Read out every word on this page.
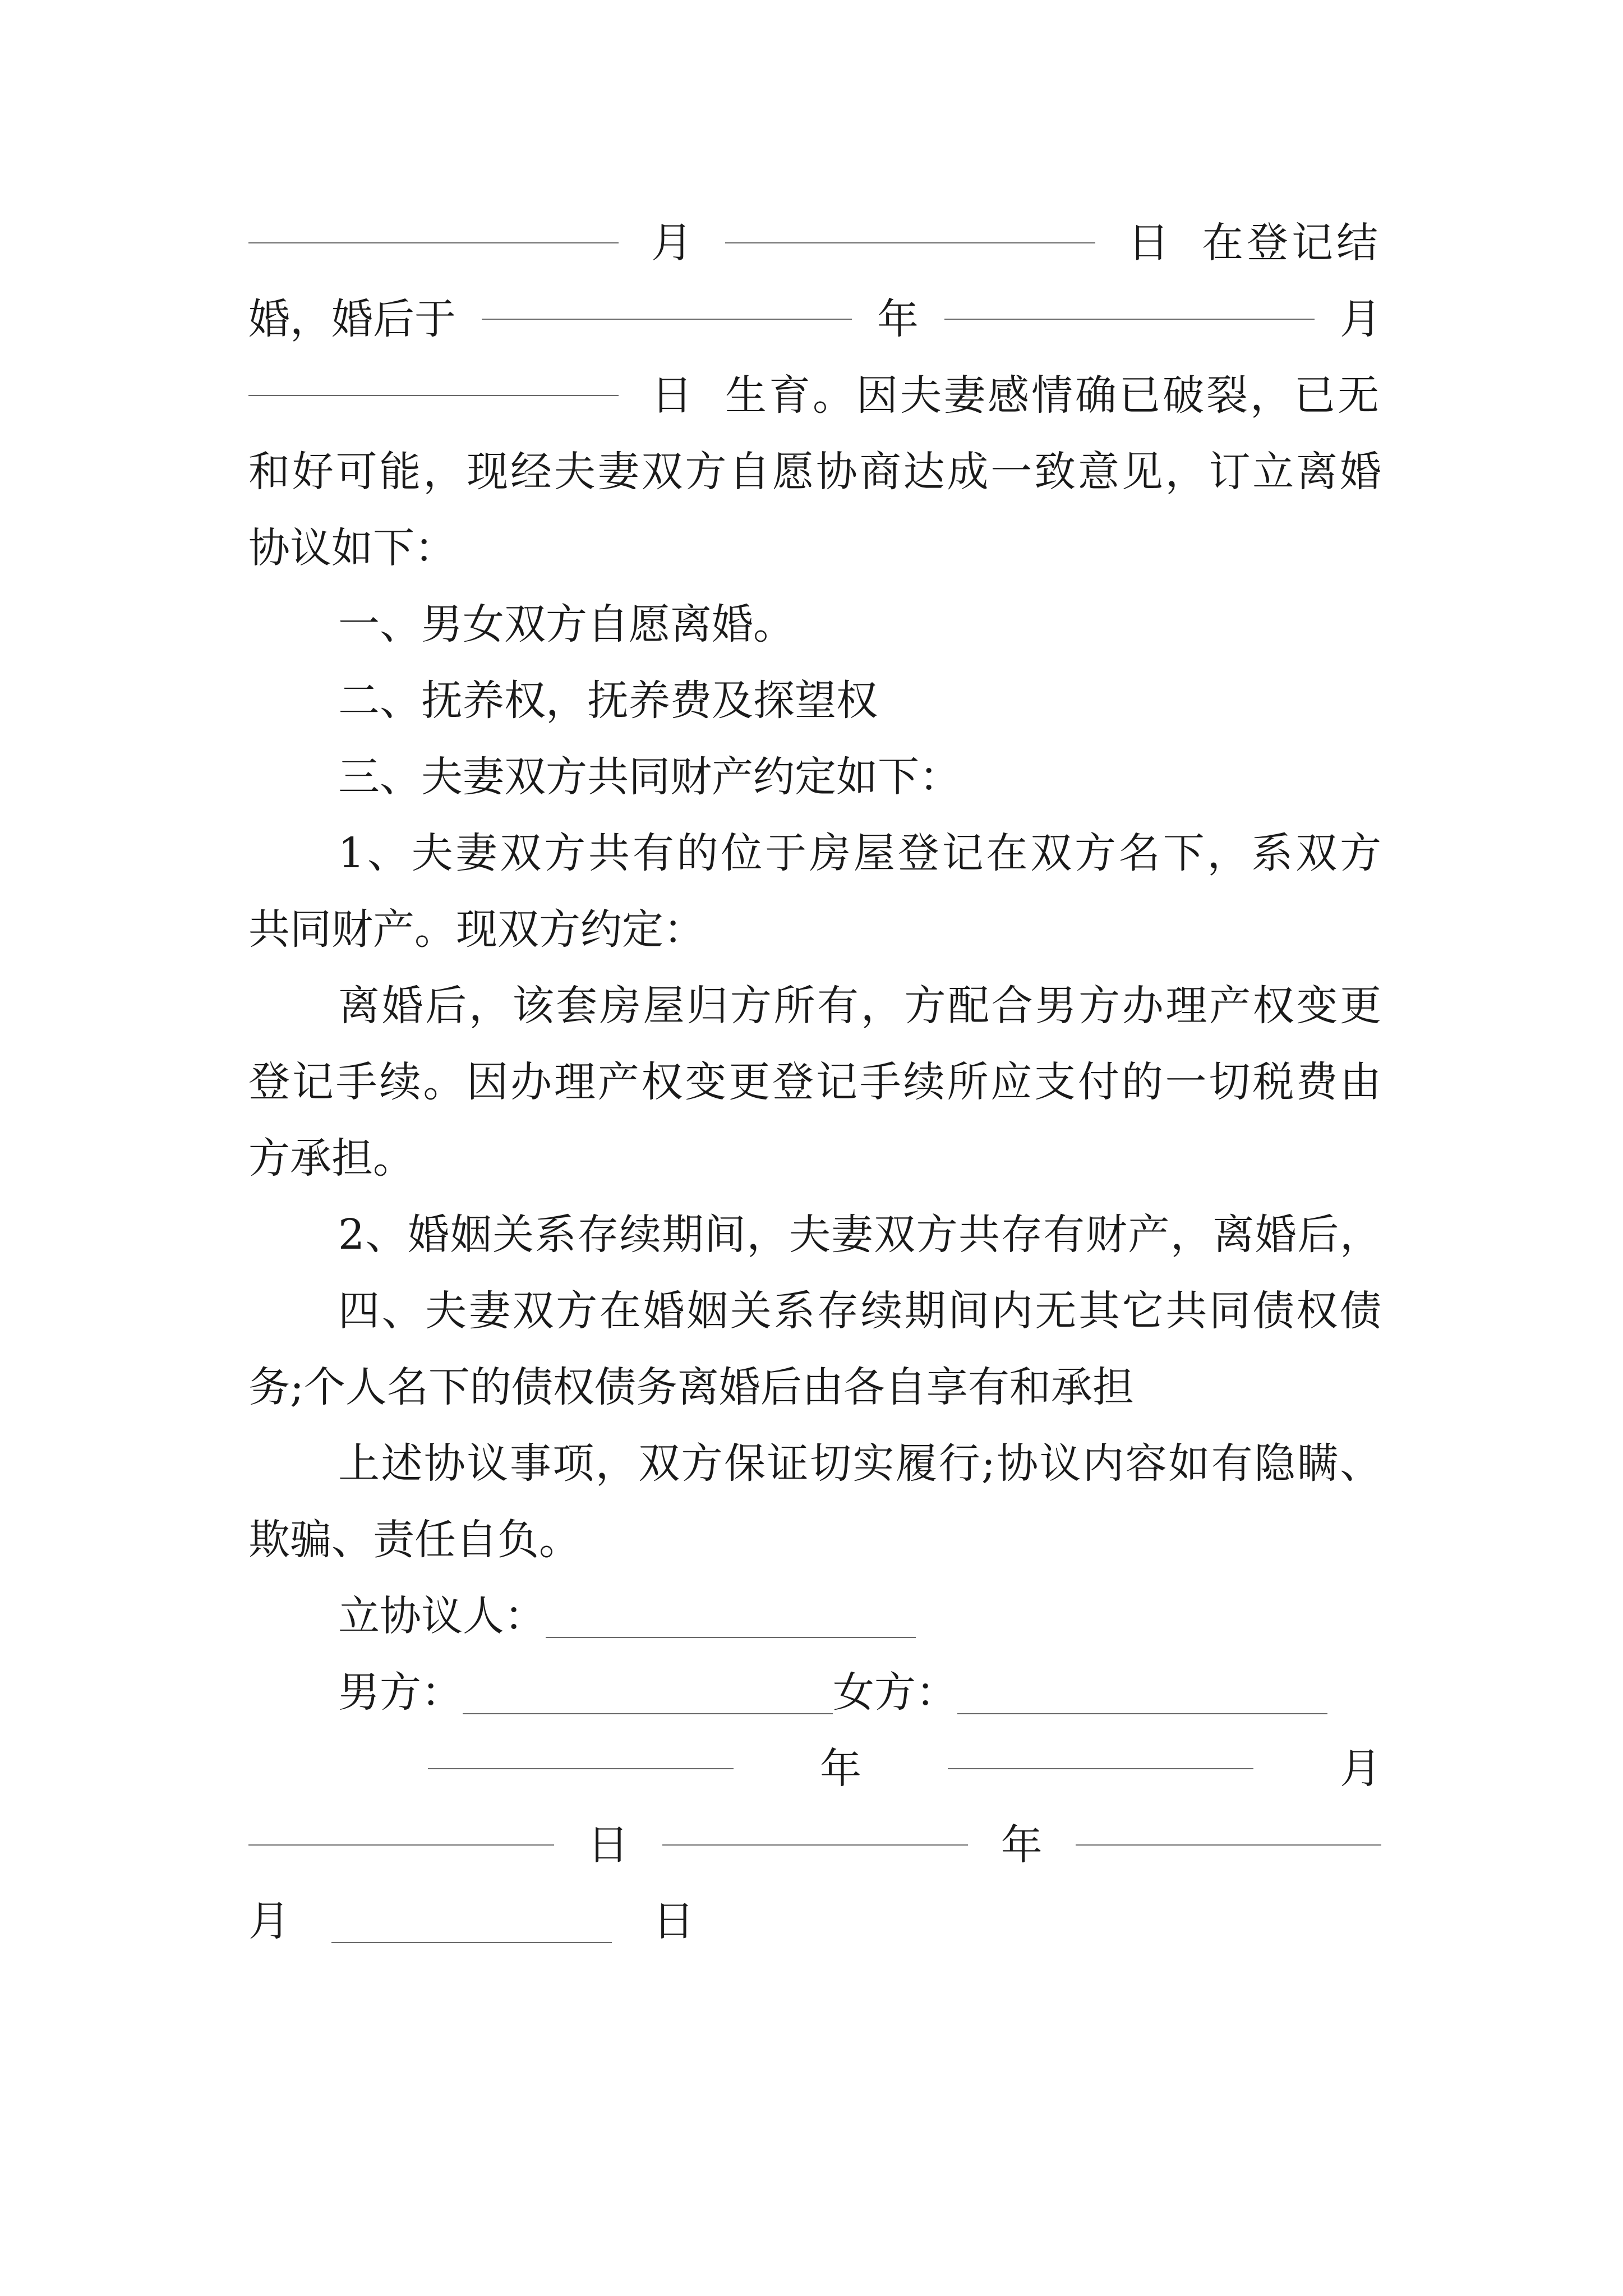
月	日 在登记结
婚，婚后于	年	月
日 生育。因夫妻感情确已破裂，已无
和好可能，现经夫妻双方自愿协商达成一致意见，订立离婚
协议如下：
一、男女双方自愿离婚。
二、抚养权，抚养费及探望权
三、夫妻双方共同财产约定如下：
1、夫妻双方共有的位于房屋登记在双方名下，系双方
共同财产。现双方约定：
离婚后，该套房屋归方所有，方配合男方办理产权变更
登记手续。因办理产权变更登记手续所应支付的一切税费由
方承担。
2、婚姻关系存续期间，夫妻双方共存有财产，离婚后，
四、夫妻双方在婚姻关系存续期间内无其它共同债权债
务;个人名下的债权债务离婚后由各自享有和承担
上述协议事项，双方保证切实履行;协议内容如有隐瞒、
欺骗、责任自负。
立协议人：
男方：	女方：
年	月
日	年
月	日
